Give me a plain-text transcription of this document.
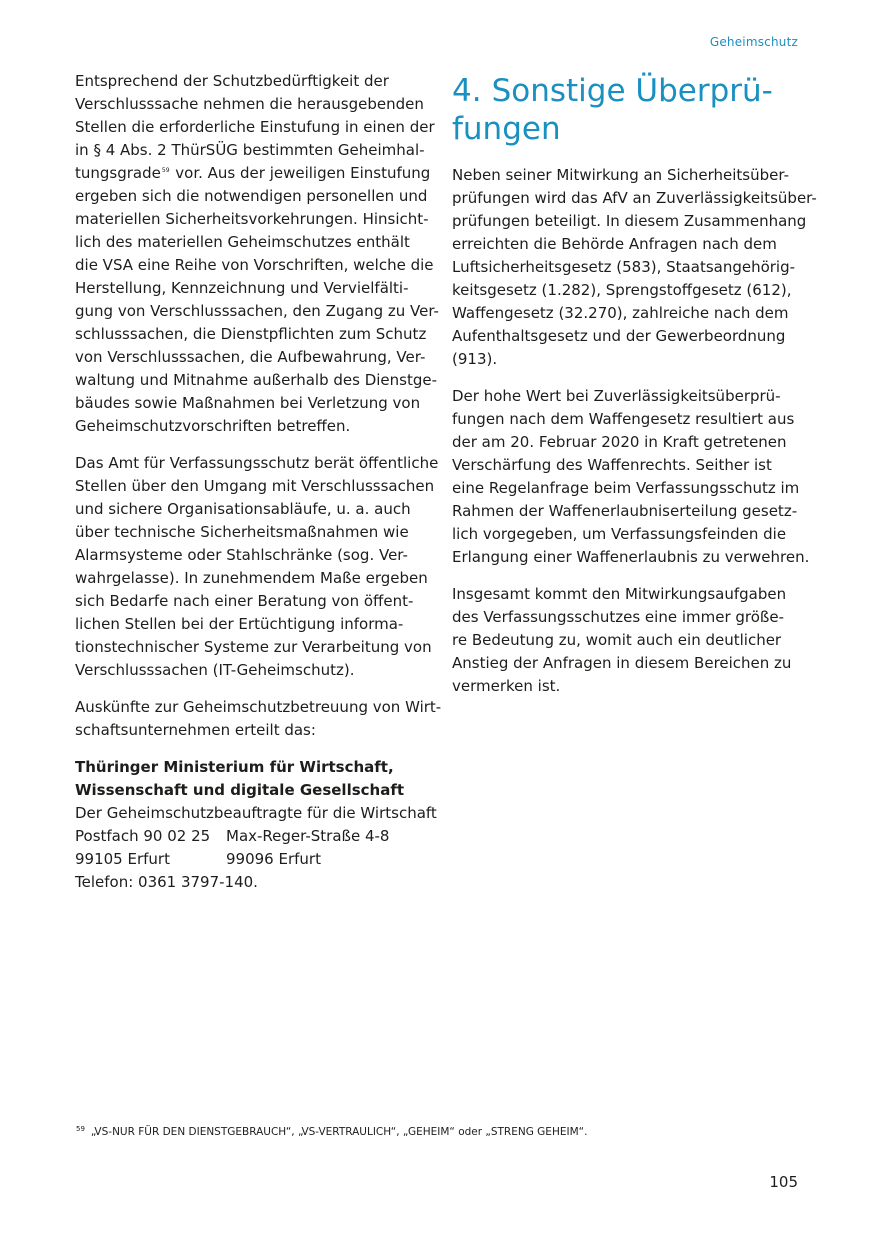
Geheimschutz

Entsprechend der Schutzbedürftigkeit der
Verschlusssache nehmen die herausgebenden
Stellen die erforderliche Einstufung in einen der
in § 4 Abs. 2 ThürSÜG bestimmten Geheimhal-
tungsgrade$^{59}$ vor. Aus der jeweiligen Einstufung
ergeben sich die notwendigen personellen und
materiellen Sicherheitsvorkehrungen. Hinsicht-
lich des materiellen Geheimschutzes enthält
die VSA eine Reihe von Vorschriften, welche die
Herstellung, Kennzeichnung und Vervielfälti-
gung von Verschlusssachen, den Zugang zu Ver-
schlusssachen, die Dienstpflichten zum Schutz
von Verschlusssachen, die Aufbewahrung, Ver-
waltung und Mitnahme außerhalb des Dienstge-
bäudes sowie Maßnahmen bei Verletzung von
Geheimschutzvorschriften betreffen.

Das Amt für Verfassungsschutz berät öffentliche
Stellen über den Umgang mit Verschlusssachen
und sichere Organisationsabläufe, u. a. auch
über technische Sicherheitsmaßnahmen wie
Alarmsysteme oder Stahlschränke (sog. Ver-
wahrgelasse). In zunehmendem Maße ergeben
sich Bedarfe nach einer Beratung von öffent-
lichen Stellen bei der Ertüchtigung informa-
tionstechnischer Systeme zur Verarbeitung von
Verschlusssachen (IT-Geheimschutz).

Auskünfte zur Geheimschutzbetreuung von Wirt-
schaftsunternehmen erteilt das:

Thüringer Ministerium für Wirtschaft,
Wissenschaft und digitale Gesellschaft
Der Geheimschutzbeauftragte für die Wirtschaft
Postfach 90 02 25	Max-Reger-Straße 4-8
99105 Erfurt	99096 Erfurt
Telefon: 0361 3797-140.
4. Sonstige Überprü-
fungen

Neben seiner Mitwirkung an Sicherheitsüber-
prüfungen wird das AfV an Zuverlässigkeitsüber-
prüfungen beteiligt. In diesem Zusammenhang
erreichten die Behörde Anfragen nach dem
Luftsicherheitsgesetz (583), Staatsangehörig-
keitsgesetz (1.282), Sprengstoffgesetz (612),
Waffengesetz (32.270), zahlreiche nach dem
Aufenthaltsgesetz und der Gewerbeordnung
(913).

Der hohe Wert bei Zuverlässigkeitsüberprü-
fungen nach dem Waffengesetz resultiert aus
der am 20. Februar 2020 in Kraft getretenen
Verschärfung des Waffenrechts. Seither ist
eine Regelanfrage beim Verfassungsschutz im
Rahmen der Waffenerlaubniserteilung gesetz-
lich vorgegeben, um Verfassungsfeinden die
Erlangung einer Waffenerlaubnis zu verwehren.

Insgesamt kommt den Mitwirkungsaufgaben
des Verfassungsschutzes eine immer größe-
re Bedeutung zu, womit auch ein deutlicher
Anstieg der Anfragen in diesem Bereichen zu
vermerken ist.

$^{59}$ „VS-NUR FÜR DEN DIENSTGEBRAUCH“, „VS-VERTRAULICH“, „GEHEIM“ oder „STRENG GEHEIM“.
105
